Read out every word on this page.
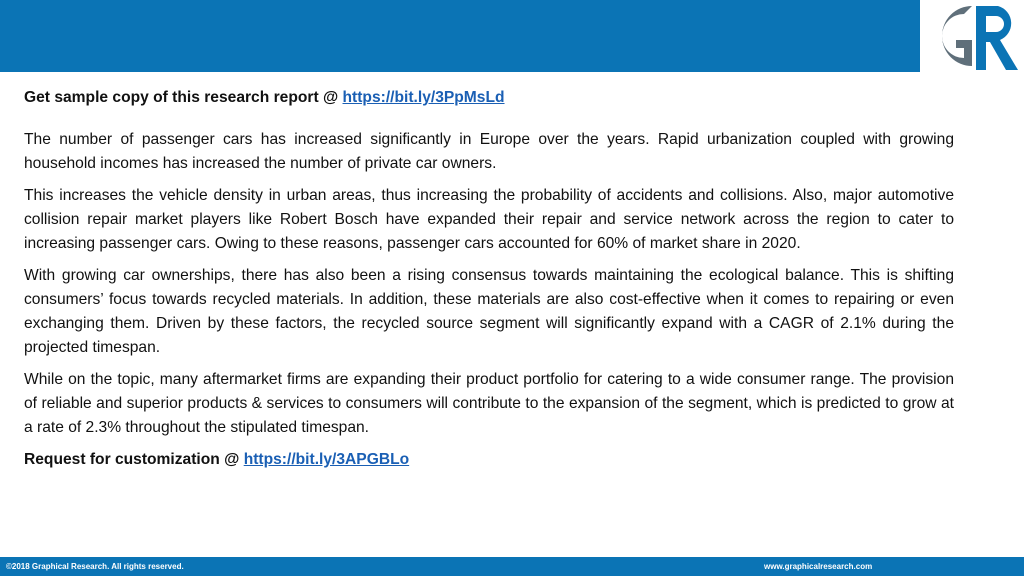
Get sample copy of this research report @ https://bit.ly/3PpMsLd

The number of passenger cars has increased significantly in Europe over the years. Rapid urbanization coupled with growing household incomes has increased the number of private car owners.

This increases the vehicle density in urban areas, thus increasing the probability of accidents and collisions. Also, major automotive collision repair market players like Robert Bosch have expanded their repair and service network across the region to cater to increasing passenger cars. Owing to these reasons, passenger cars accounted for 60% of market share in 2020.

With growing car ownerships, there has also been a rising consensus towards maintaining the ecological balance. This is shifting consumers’ focus towards recycled materials. In addition, these materials are also cost-effective when it comes to repairing or even exchanging them. Driven by these factors, the recycled source segment will significantly expand with a CAGR of 2.1% during the projected timespan.

While on the topic, many aftermarket firms are expanding their product portfolio for catering to a wide consumer range. The provision of reliable and superior products & services to consumers will contribute to the expansion of the segment, which is predicted to grow at a rate of 2.3% throughout the stipulated timespan.

Request for customization @ https://bit.ly/3APGBLo

©2018 Graphical Research. All rights reserved.	www.graphicalresearch.com
